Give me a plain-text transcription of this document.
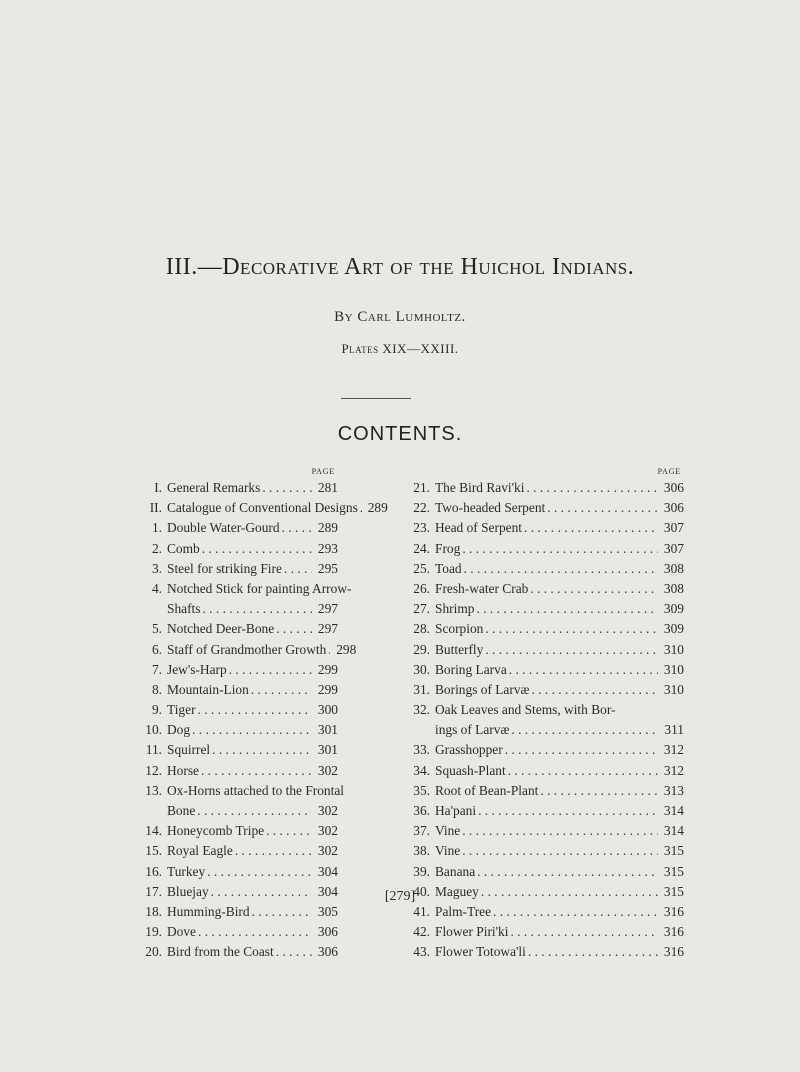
III.—Decorative Art of the Huichol Indians.
By Carl Lumholtz.
Plates XIX—XXIII.
CONTENTS.
PAGE
I. General Remarks . . .	281
II. Catalogue of Conventional Designs . . . 289
1. Double Water-Gourd . . .	289
2. Comb . . .	293
3. Steel for striking Fire . . .	295
4. Notched Stick for painting Arrow-
Shafts . . .	297
5. Notched Deer-Bone . . .	297
6. Staff of Grandmother Growth . . . 298
7. Jew's-Harp . . .	299
8. Mountain-Lion . . .	299
9. Tiger . . .	300
10. Dog . . .	301
11. Squirrel . . .	301
12. Horse . . .	302
13. Ox-Horns attached to the Frontal
Bone . . .	302
14. Honeycomb Tripe . . .	302
15. Royal Eagle . . .	302
16. Turkey . . .	304
17. Bluejay . . .	304
18. Humming-Bird . . .	305
19. Dove . . .	306
20. Bird from the Coast . . .	306
PAGE
21. The Bird Ravi'ki . . .	306
22. Two-headed Serpent . . .	306
23. Head of Serpent . . .	307
24. Frog . . .	307
25. Toad . . .	308
26. Fresh-water Crab . . .	308
27. Shrimp . . .	309
28. Scorpion . . .	309
29. Butterfly . . .	310
30. Boring Larva . . .	310
31. Borings of Larvæ . . .	310
32. Oak Leaves and Stems, with Bor-
ings of Larvæ . . .	311
33. Grasshopper . . .	312
34. Squash-Plant . . .	312
35. Root of Bean-Plant . . .	313
36. Ha'pani . . .	314
37. Vine . . .	314
38. Vine . . .	315
39. Banana . . .	315
40. Maguey . . .	315
41. Palm-Tree . . .	316
42. Flower Piri'ki . . .	316
43. Flower Totowa'li . . .	316
[279]
